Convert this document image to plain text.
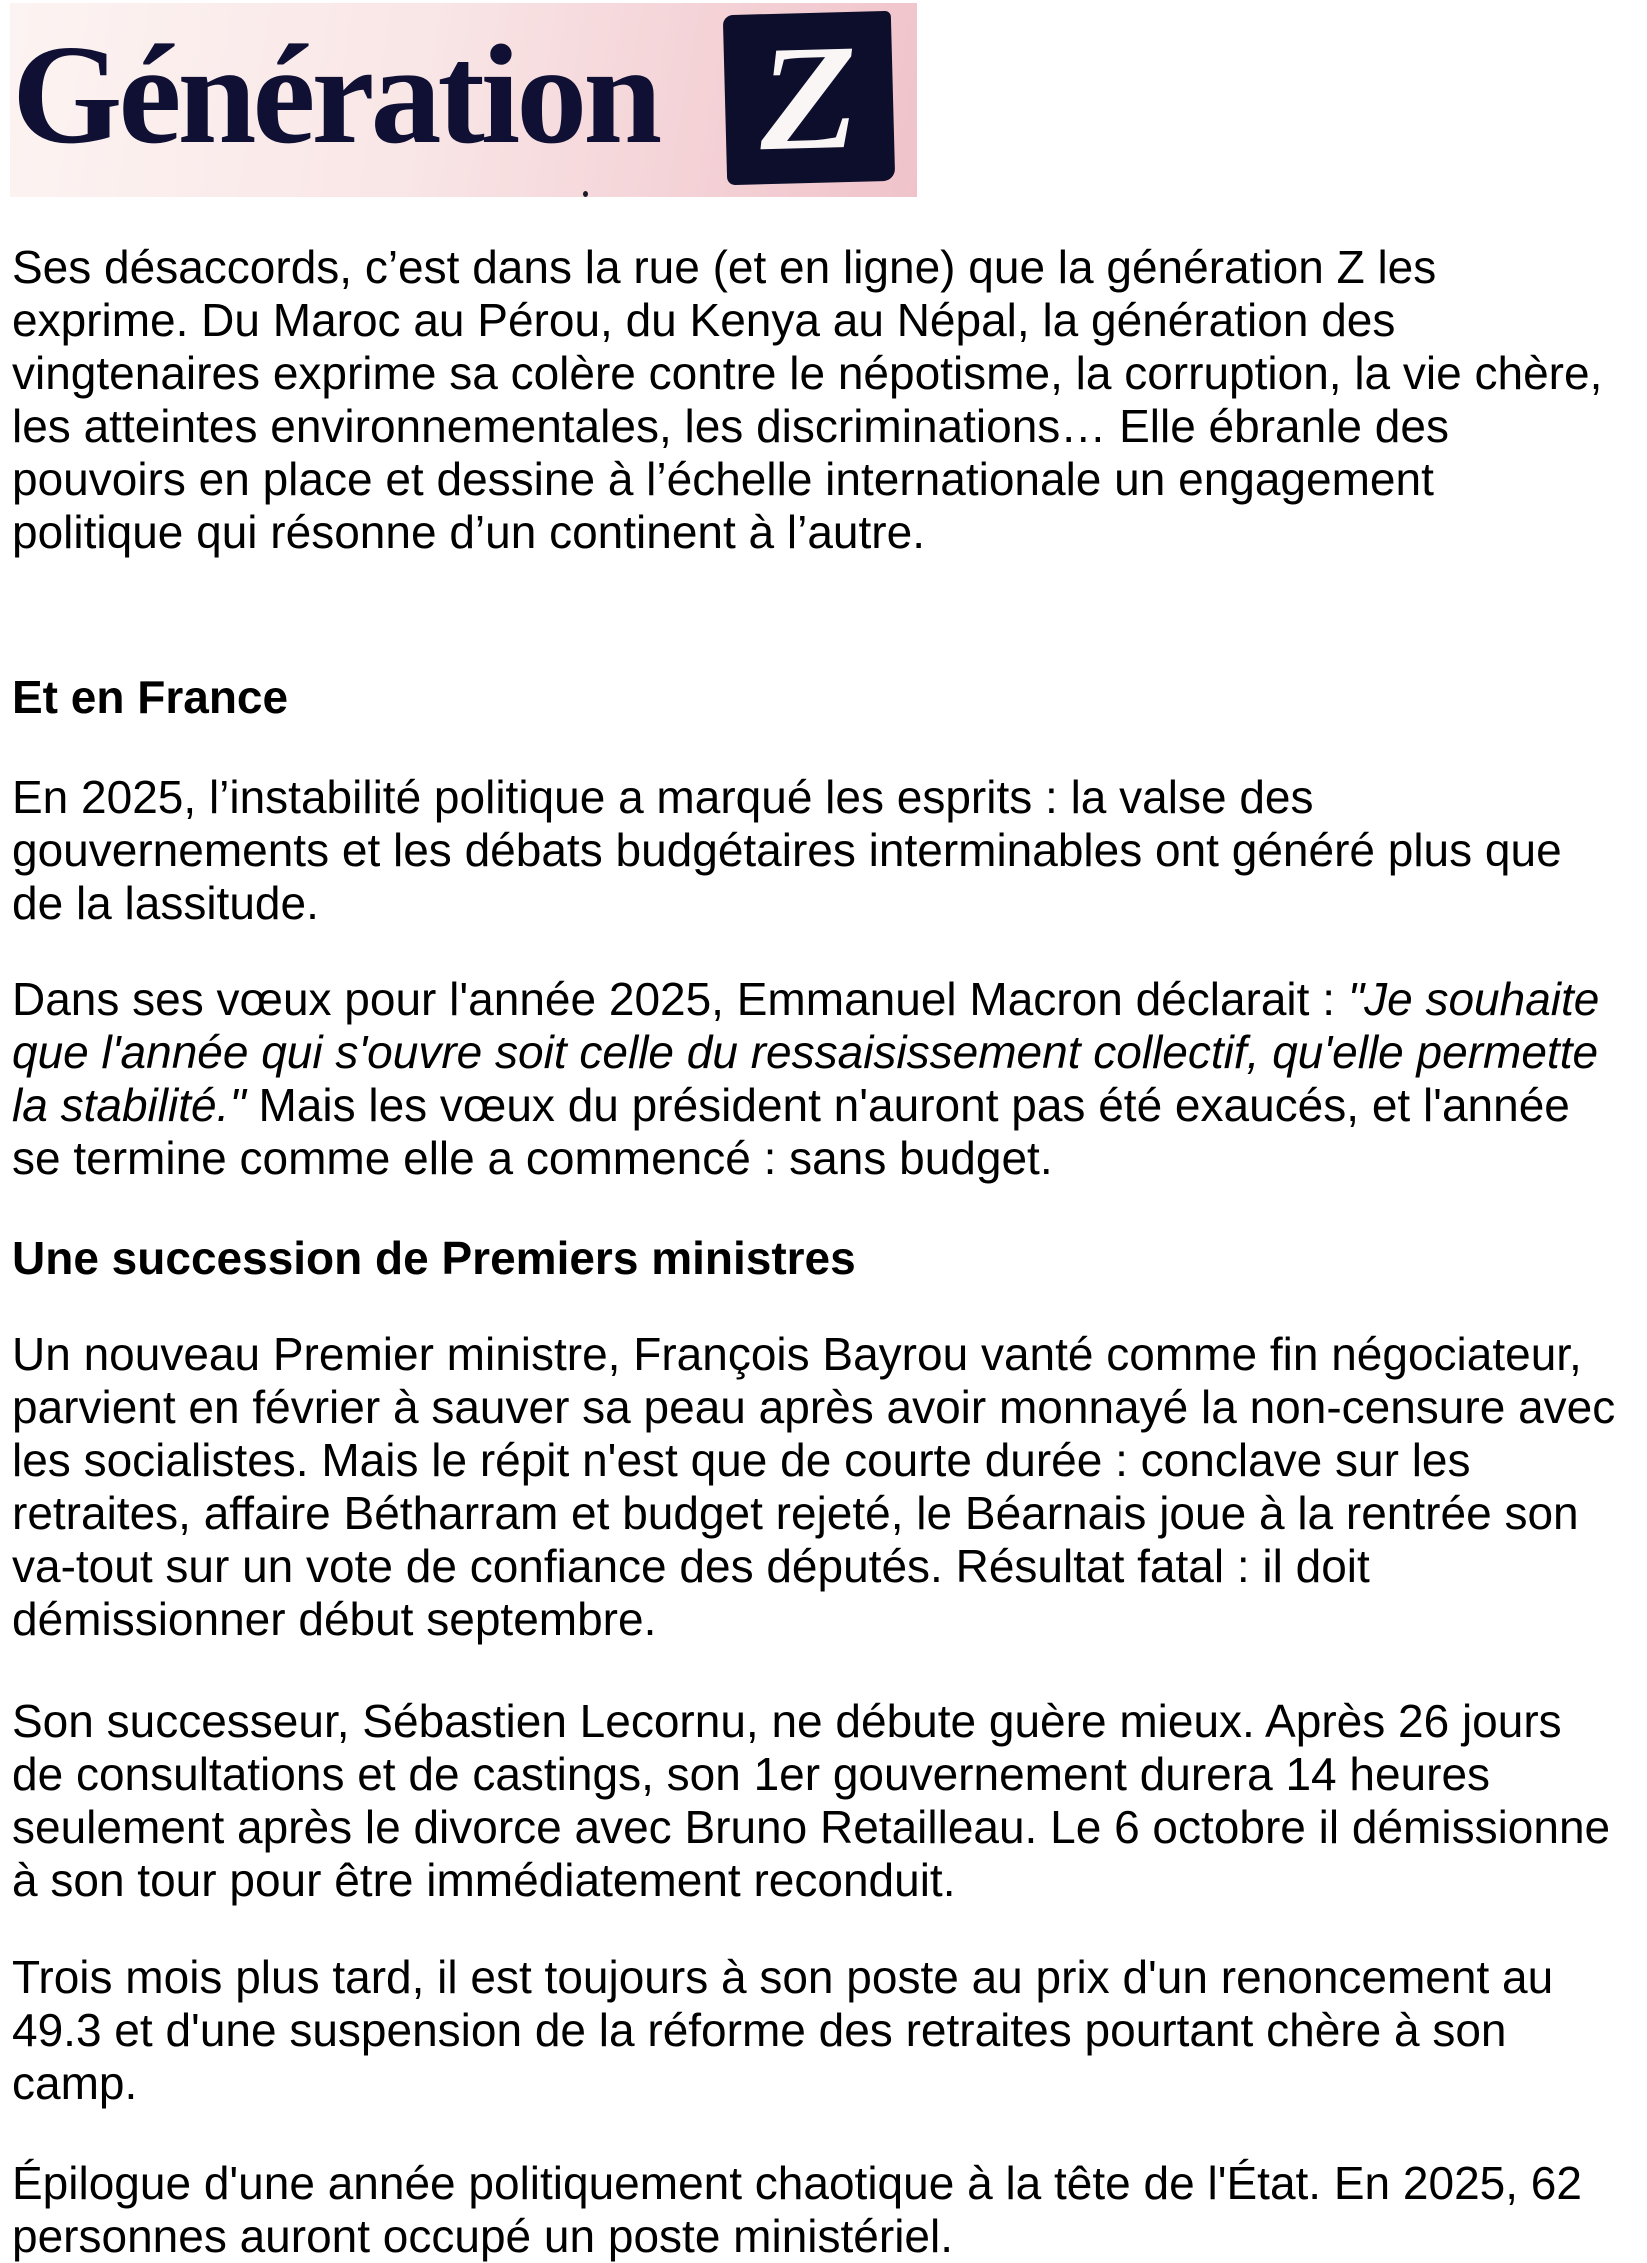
Génération Z
Ses désaccords, c’est dans la rue (et en ligne) que la génération Z les
exprime. Du Maroc au Pérou, du Kenya au Népal, la génération des
vingtenaires exprime sa colère contre le népotisme, la corruption, la vie chère,
les atteintes environnementales, les discriminations… Elle ébranle des
pouvoirs en place et dessine à l’échelle internationale un engagement
politique qui résonne d’un continent à l’autre.
Et en France
En 2025, l’instabilité politique a marqué les esprits : la valse des
gouvernements et les débats budgétaires interminables ont généré plus que
de la lassitude.
Dans ses vœux pour l'année 2025, Emmanuel Macron déclarait : "Je souhaite
que l'année qui s'ouvre soit celle du ressaisissement collectif, qu'elle permette
la stabilité." Mais les vœux du président n'auront pas été exaucés, et l'année
se termine comme elle a commencé : sans budget.
Une succession de Premiers ministres
Un nouveau Premier ministre, François Bayrou vanté comme fin négociateur,
parvient en février à sauver sa peau après avoir monnayé la non-censure avec
les socialistes. Mais le répit n'est que de courte durée : conclave sur les
retraites, affaire Bétharram et budget rejeté, le Béarnais joue à la rentrée son
va-tout sur un vote de confiance des députés. Résultat fatal : il doit
démissionner début septembre.
Son successeur, Sébastien Lecornu, ne débute guère mieux. Après 26 jours
de consultations et de castings, son 1er gouvernement durera 14 heures
seulement après le divorce avec Bruno Retailleau. Le 6 octobre il démissionne
à son tour pour être immédiatement reconduit.
Trois mois plus tard, il est toujours à son poste au prix d'un renoncement au
49.3 et d'une suspension de la réforme des retraites pourtant chère à son
camp.
Épilogue d'une année politiquement chaotique à la tête de l'État. En 2025, 62
personnes auront occupé un poste ministériel.
